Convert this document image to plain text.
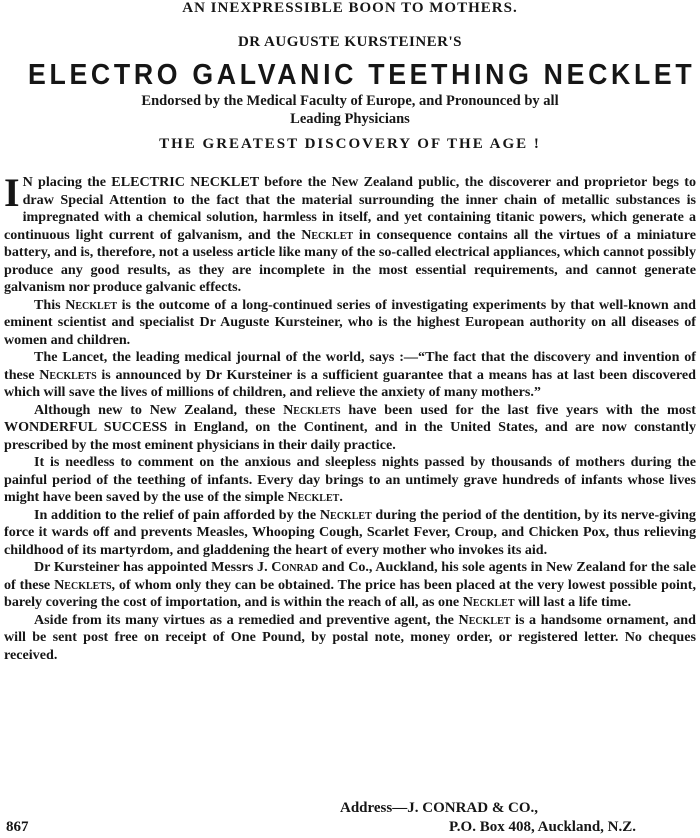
AN INEXPRESSIBLE BOON TO MOTHERS.
DR AUGUSTE KURSTEINER'S
ELECTRO GALVANIC TEETHING NECKLET
Endorsed by the Medical Faculty of Europe, and Pronounced by all
Leading Physicians
THE GREATEST DISCOVERY OF THE AGE !
I N placing the ELECTRIC NECKLET before the New Zealand public, the discoverer and proprietor begs to draw Special Attention to the fact that the material surrounding the inner chain of metallic substances is impregnated with a chemical solution, harmless in itself, and yet containing titanic powers, which generate a continuous light current of galvanism, and the Necklet in consequence contains all the virtues of a miniature battery, and is, therefore, not a useless article like many of the so-called electrical appliances, which cannot possibly produce any good results, as they are incomplete in the most essential requirements, and cannot generate galvanism nor produce galvanic effects.
This Necklet is the outcome of a long-continued series of investigating experiments by that well-known and eminent scientist and specialist Dr Auguste Kursteiner, who is the highest European authority on all diseases of women and children.
The Lancet, the leading medical journal of the world, says :—“The fact that the discovery and invention of these Necklets is announced by Dr Kursteiner is a sufficient guarantee that a means has at last been discovered which will save the lives of millions of children, and relieve the anxiety of many mothers.”
Although new to New Zealand, these Necklets have been used for the last five years with the most WONDERFUL SUCCESS in England, on the Continent, and in the United States, and are now constantly prescribed by the most eminent physicians in their daily practice.
It is needless to comment on the anxious and sleepless nights passed by thousands of mothers during the painful period of the teething of infants. Every day brings to an untimely grave hundreds of infants whose lives might have been saved by the use of the simple Necklet.
In addition to the relief of pain afforded by the Necklet during the period of the dentition, by its nerve-giving force it wards off and prevents Measles, Whooping Cough, Scarlet Fever, Croup, and Chicken Pox, thus relieving childhood of its martyrdom, and gladdening the heart of every mother who invokes its aid.
Dr Kursteiner has appointed Messrs J. Conrad and Co., Auckland, his sole agents in New Zealand for the sale of these Necklets, of whom only they can be obtained. The price has been placed at the very lowest possible point, barely covering the cost of importation, and is within the reach of all, as one Necklet will last a life time.
Aside from its many virtues as a remedied and preventive agent, the Necklet is a handsome ornament, and will be sent post free on receipt of One Pound, by postal note, money order, or registered letter. No cheques received.
Address—J. CONRAD & CO.,
867	P.O. Box 408, Auckland, N.Z.
